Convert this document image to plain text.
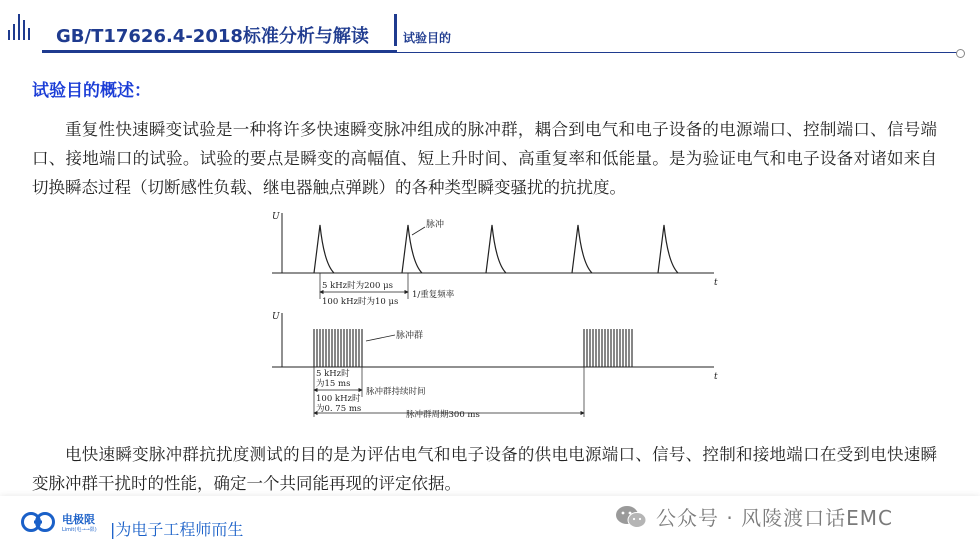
GB/T17626.4-2018标准分析与解读	试验目的
试验目的概述：
重复性快速瞬变试验是一种将许多快速瞬变脉冲组成的脉冲群，耦合到电气和电子设备的电源端口、控制端口、信号端口、接地端口的试验。试验的要点是瞬变的高幅值、短上升时间、高重复率和低能量。是为验证电气和电子设备对诸如来自切换瞬态过程（切断感性负载、继电器触点弹跳）的各种类型瞬变骚扰的抗扰度。
U
t
脉冲
5 kHz时为200 μs
100 kHz时为10 μs
1/重复频率
U
t
脉冲群
5 kHz时
为15 ms
脉冲群持续时间
100 kHz时
为0. 75 ms
脉冲群周期300 ms
电快速瞬变脉冲群抗扰度测试的目的是为评估电气和电子设备的供电电源端口、信号、控制和接地端口在受到电快速瞬变脉冲群干扰时的性能，确定一个共同能再现的评定依据。
电极限
Limit(电⊸⊸限) |为电子工程师而生	公众号 · 风陵渡口话EMC
